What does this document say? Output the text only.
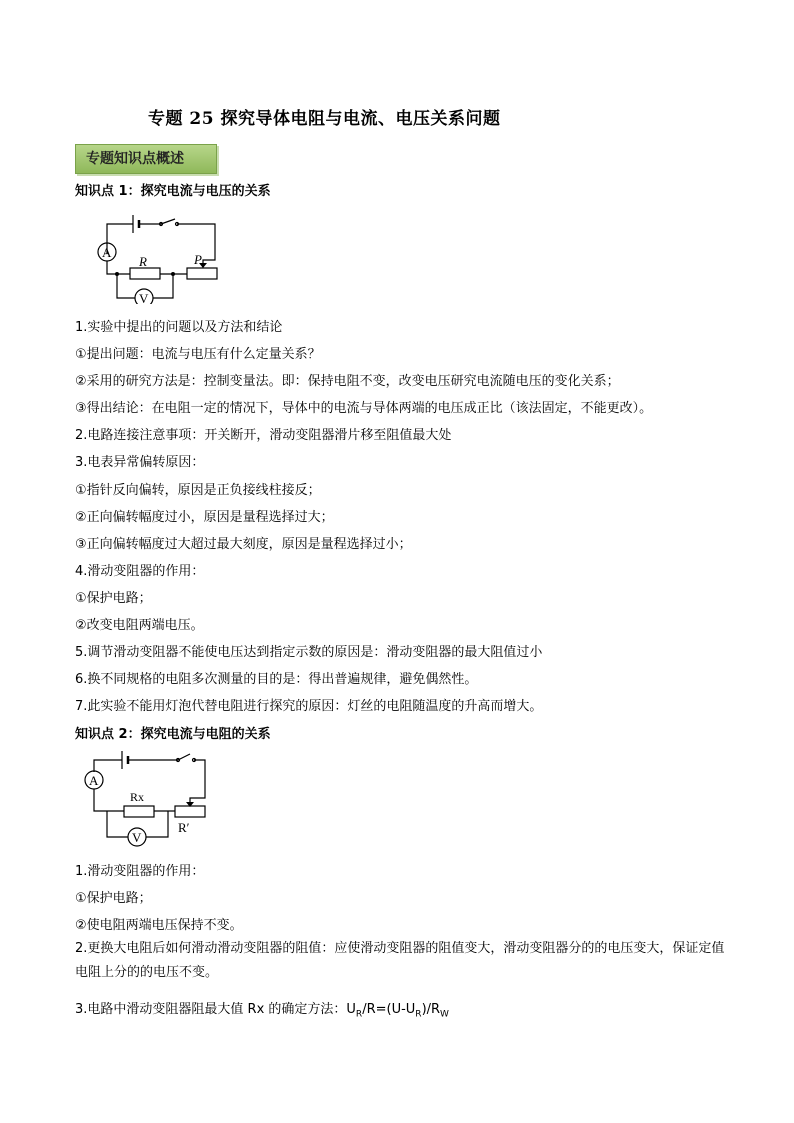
专题 25 探究导体电阻与电流、电压关系问题
专题知识点概述
知识点 1：探究电流与电压的关系
A
V
R	P
1.实验中提出的问题以及方法和结论
①提出问题：电流与电压有什么定量关系？
②采用的研究方法是：控制变量法。即：保持电阻不变，改变电压研究电流随电压的变化关系；
③得出结论：在电阻一定的情况下，导体中的电流与导体两端的电压成正比（该法固定，不能更改）。
2.电路连接注意事项：开关断开，滑动变阻器滑片移至阻值最大处
3.电表异常偏转原因：
①指针反向偏转，原因是正负接线柱接反；
②正向偏转幅度过小，原因是量程选择过大；
③正向偏转幅度过大超过最大刻度，原因是量程选择过小；
4.滑动变阻器的作用：
①保护电路；
②改变电阻两端电压。
5.调节滑动变阻器不能使电压达到指定示数的原因是：滑动变阻器的最大阻值过小
6.换不同规格的电阻多次测量的目的是：得出普遍规律，避免偶然性。
7.此实验不能用灯泡代替电阻进行探究的原因：灯丝的电阻随温度的升高而增大。
知识点 2：探究电流与电阻的关系
A
V
Rx
R′
1.滑动变阻器的作用：
①保护电路；
②使电阻两端电压保持不变。
2.更换大电阻后如何滑动滑动变阻器的阻值：应使滑动变阻器的阻值变大，滑动变阻器分的的电压变大，保证定值电阻上分的的电压不变。
3.电路中滑动变阻器阻最大值 Rx 的确定方法：$U_R/R=(U-U_R)/R_W$
